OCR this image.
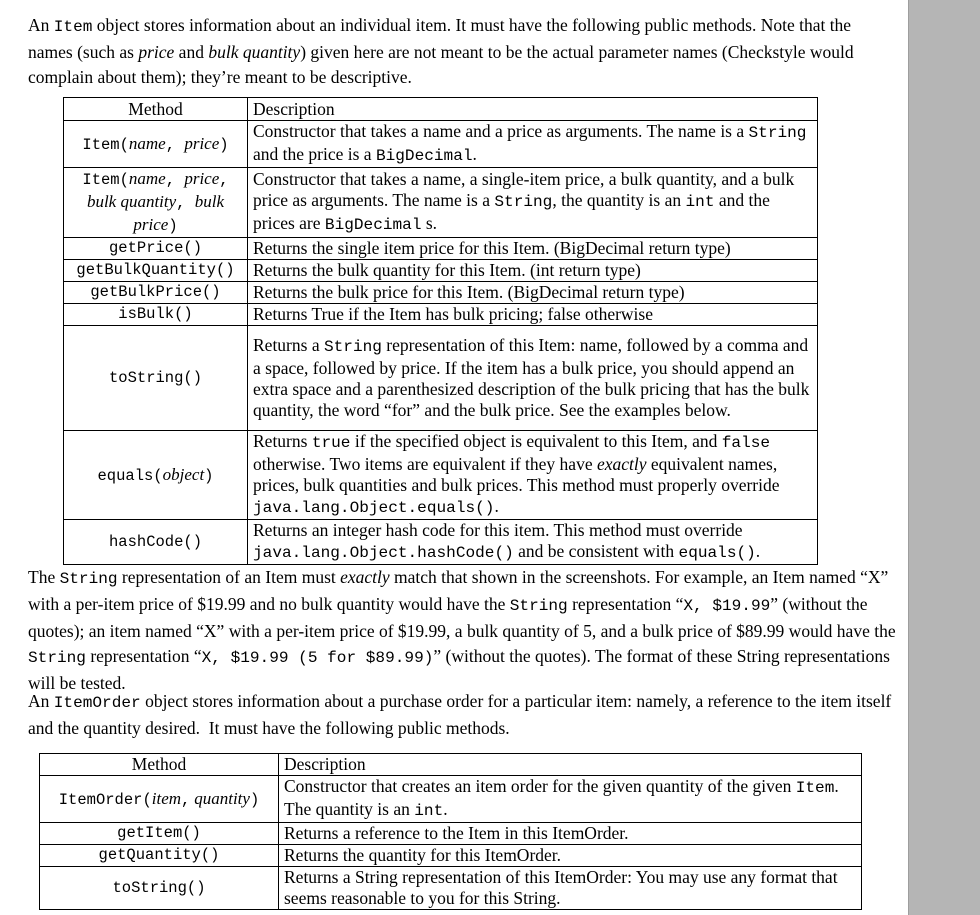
An Item object stores information about an individual item. It must have the following public methods. Note that the names (such as price and bulk quantity) given here are not meant to be the actual parameter names (Checkstyle would complain about them); they’re meant to be descriptive.

Method	Description
Item(name, price)	Constructor that takes a name and a price as arguments. The name is a String and the price is a BigDecimal.
Item(name, price, bulk quantity, bulk price)	Constructor that takes a name, a single-item price, a bulk quantity, and a bulk price as arguments. The name is a String, the quantity is an int and the prices are BigDecimal s.
getPrice()	Returns the single item price for this Item. (BigDecimal return type)
getBulkQuantity()	Returns the bulk quantity for this Item. (int return type)
getBulkPrice()	Returns the bulk price for this Item. (BigDecimal return type)
isBulk()	Returns True if the Item has bulk pricing; false otherwise
toString()	Returns a String representation of this Item: name, followed by a comma and a space, followed by price. If the item has a bulk price, you should append an extra space and a parenthesized description of the bulk pricing that has the bulk quantity, the word “for” and the bulk price. See the examples below.
equals(object)	Returns true if the specified object is equivalent to this Item, and false otherwise. Two items are equivalent if they have exactly equivalent names, prices, bulk quantities and bulk prices. This method must properly override java.lang.Object.equals().
hashCode()	Returns an integer hash code for this item. This method must override java.lang.Object.hashCode() and be consistent with equals().

The String representation of an Item must exactly match that shown in the screenshots. For example, an Item named “X” with a per-item price of $19.99 and no bulk quantity would have the String representation “X, $19.99” (without the quotes); an item named “X” with a per-item price of $19.99, a bulk quantity of 5, and a bulk price of $89.99 would have the String representation “X, $19.99 (5 for $89.99)” (without the quotes). The format of these String representations will be tested.

An ItemOrder object stores information about a purchase order for a particular item: namely, a reference to the item itself and the quantity desired.  It must have the following public methods.

Method	Description
ItemOrder(item, quantity)	Constructor that creates an item order for the given quantity of the given Item.  The quantity is an int.
getItem()	Returns a reference to the Item in this ItemOrder.
getQuantity()	Returns the quantity for this ItemOrder.
toString()	Returns a String representation of this ItemOrder: You may use any format that seems reasonable to you for this String.
